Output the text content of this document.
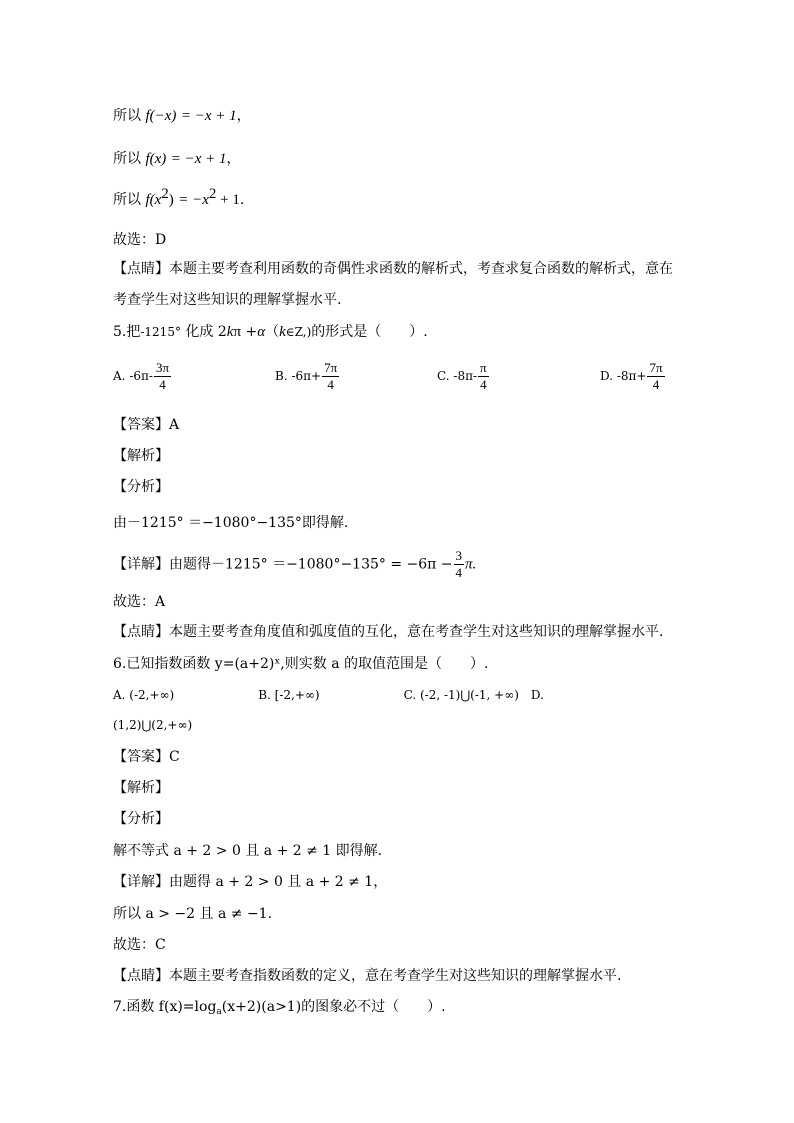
所以 f(−x) = −x + 1，
所以 f(x) = −x + 1，
所以 $f(x^2) = -x^2 + 1$.
故选：D
【点睛】本题主要考查利用函数的奇偶性求函数的解析式，考查求复合函数的解析式，意在
考查学生对这些知识的理解掌握水平.
5.把-1215° 化成 2kπ +α（k∈Z,)的形式是（　　）.
A. $-6\pi- \frac{3\pi}{4}$	B. $-6\pi+ \frac{7\pi}{4}$	C. $-8\pi- \frac{\pi}{4}$	D. $-8\pi+ \frac{7\pi}{4}$
【答案】A
【解析】
【分析】
由－1215° ＝−1080°−135°即得解.
【详解】由题得$-1215^\circ =-1080^\circ-135^\circ = -6\pi - \frac{3}{4} \pi$.
故选：A
【点睛】本题主要考查角度值和弧度值的互化，意在考查学生对这些知识的理解掌握水平.
6.已知指数函数 y=(a+2)ˣ,则实数 a 的取值范围是（　　）.
A. (-2,+∞)　　　　　　　B. [-2,+∞)　　　　　　　C. (-2, -1)⋃(-1, +∞)　D.
(1,2)⋃(2,+∞)
【答案】C
【解析】
【分析】
解不等式 a + 2 > 0 且 a + 2 ≠ 1 即得解.
【详解】由题得 a + 2 > 0 且 a + 2 ≠ 1，
所以 a > −2 且 a ≠ −1.
故选：C
【点睛】本题主要考查指数函数的定义，意在考查学生对这些知识的理解掌握水平.
7.函数 $f(x)=\log_a(x+2)(a>1)$的图象必不过（　　）.
